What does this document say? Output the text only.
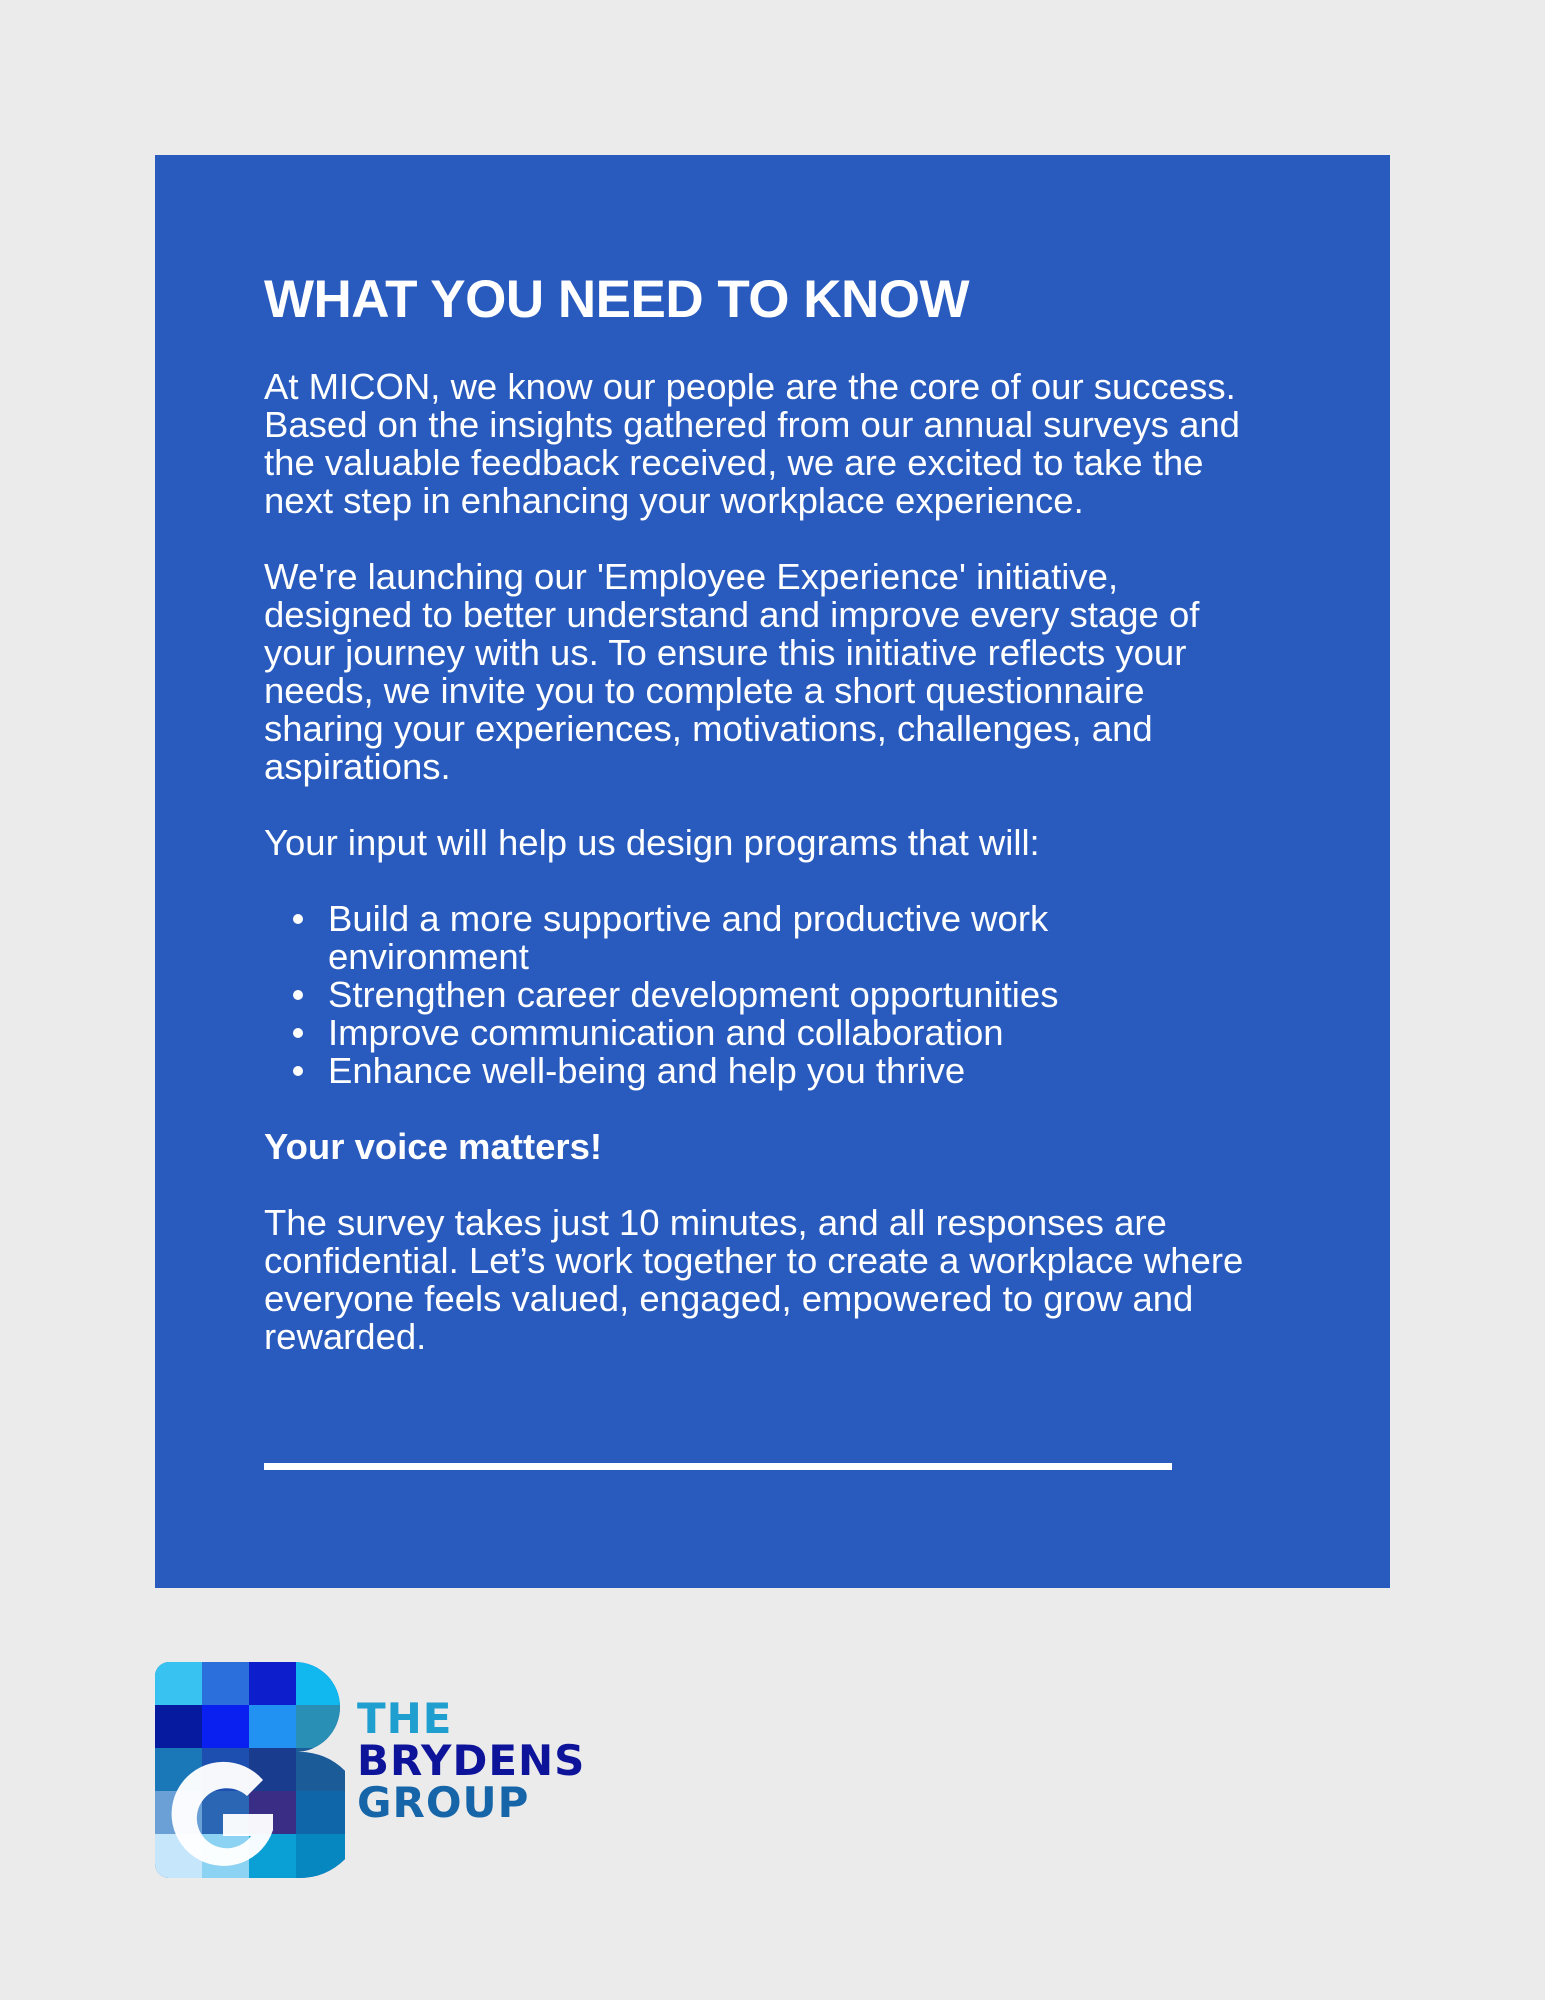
WHAT YOU NEED TO KNOW

At MICON, we know our people are the core of our success. Based on the insights gathered from our annual surveys and the valuable feedback received, we are excited to take the next step in enhancing your workplace experience.

We're launching our 'Employee Experience' initiative, designed to better understand and improve every stage of your journey with us. To ensure this initiative reflects your needs, we invite you to complete a short questionnaire sharing your experiences, motivations, challenges, and aspirations.

Your input will help us design programs that will:

Build a more supportive and productive work environment
Strengthen career development opportunities
Improve communication and collaboration
Enhance well-being and help you thrive

Your voice matters!

The survey takes just 10 minutes, and all responses are confidential. Let’s work together to create a workplace where everyone feels valued, engaged, empowered to grow and rewarded.

THE
BRYDENS
GROUP
